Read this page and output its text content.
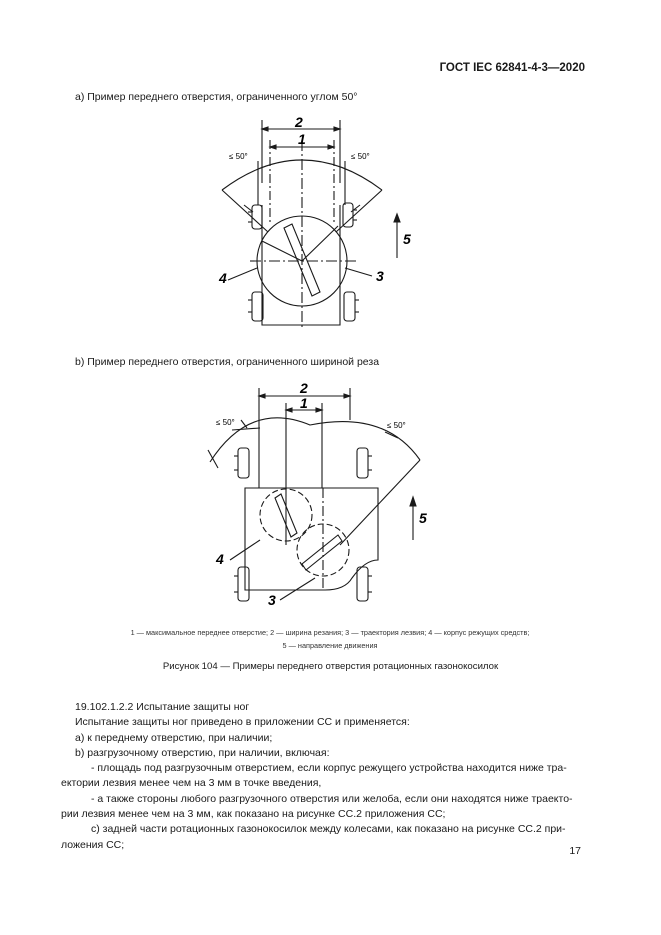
ГОСТ IEC 62841-4-3—2020
a) Пример переднего отверстия, ограниченного углом 50°
2
1
≤ 50°	≤ 50°
4	3
5
b) Пример переднего отверстия, ограниченного шириной реза
2
1
≤ 50°	≤ 50°
4
3
5
1 — максимальное переднее отверстие; 2 — ширина резания; 3 — траектория лезвия; 4 — корпус режущих средств;
5 — направление движения
Рисунок 104 — Примеры переднего отверстия ротационных газонокосилок

19.102.1.2.2 Испытание защиты ног

Испытание защиты ног приведено в приложении CC и применяется:

a) к переднему отверстию, при наличии;

b) разгрузочному отверстию, при наличии, включая:

- площадь под разгрузочным отверстием, если корпус режущего устройства находится ниже тра-

ектории лезвия менее чем на 3 мм в точке введения,

- а также стороны любого разгрузочного отверстия или желоба, если они находятся ниже траекто-

рии лезвия менее чем на 3 мм, как показано на рисунке CC.2 приложения CC;

c) задней части ротационных газонокосилок между колесами, как показано на рисунке CC.2 при-

ложения CC;

17
